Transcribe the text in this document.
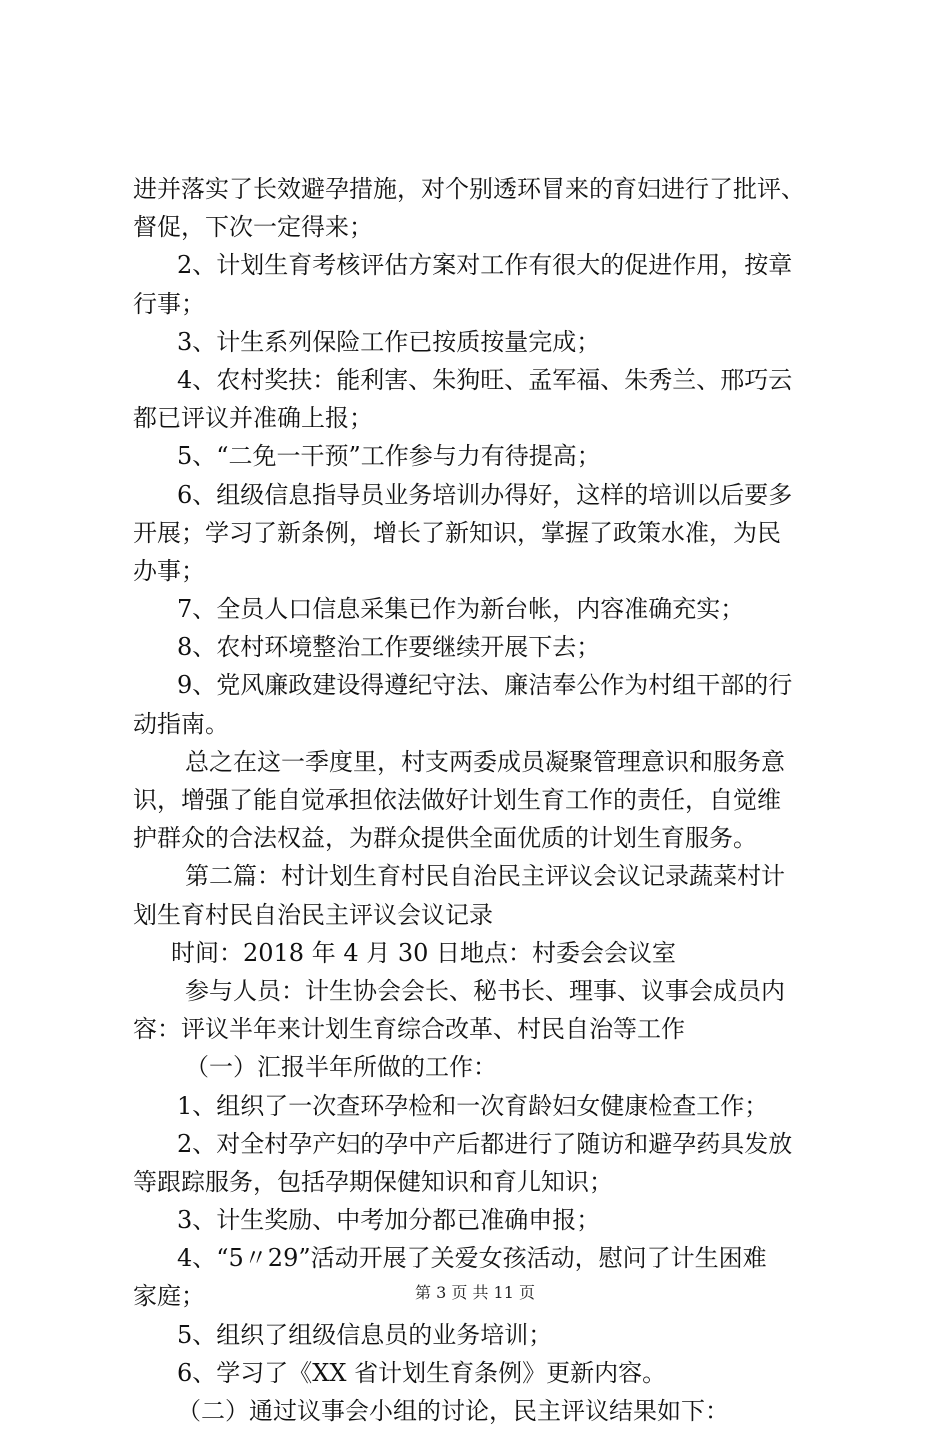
进并落实了长效避孕措施，对个别透环冒来的育妇进行了批评、
督促，下次一定得来；
2、计划生育考核评估方案对工作有很大的促进作用，按章
行事；
3、计生系列保险工作已按质按量完成；
4、农村奖扶：能利害、朱狗旺、孟军福、朱秀兰、邢巧云
都已评议并准确上报；
5、“二免一干预”工作参与力有待提高；
6、组级信息指导员业务培训办得好，这样的培训以后要多
开展；学习了新条例，增长了新知识，掌握了政策水准，为民
办事；
7、全员人口信息采集已作为新台帐，内容准确充实；
8、农村环境整治工作要继续开展下去；
9、党风廉政建设得遵纪守法、廉洁奉公作为村组干部的行
动指南。
总之在这一季度里，村支两委成员凝聚管理意识和服务意
识，增强了能自觉承担依法做好计划生育工作的责任，自觉维
护群众的合法权益，为群众提供全面优质的计划生育服务。
第二篇：村计划生育村民自治民主评议会议记录蔬菜村计
划生育村民自治民主评议会议记录
时间：2018 年 4 月 30 日地点：村委会会议室
参与人员：计生协会会长、秘书长、理事、议事会成员内
容：评议半年来计划生育综合改革、村民自治等工作
（一）汇报半年所做的工作：
1、组织了一次查环孕检和一次育龄妇女健康检查工作；
2、对全村孕产妇的孕中产后都进行了随访和避孕药具发放
等跟踪服务，包括孕期保健知识和育儿知识；
3、计生奖励、中考加分都已准确申报；
4、“5〃29”活动开展了关爱女孩活动，慰问了计生困难
家庭；
5、组织了组级信息员的业务培训；
6、学习了《XX 省计划生育条例》更新内容。
（二）通过议事会小组的讨论，民主评议结果如下：
第 3 页 共 11 页
